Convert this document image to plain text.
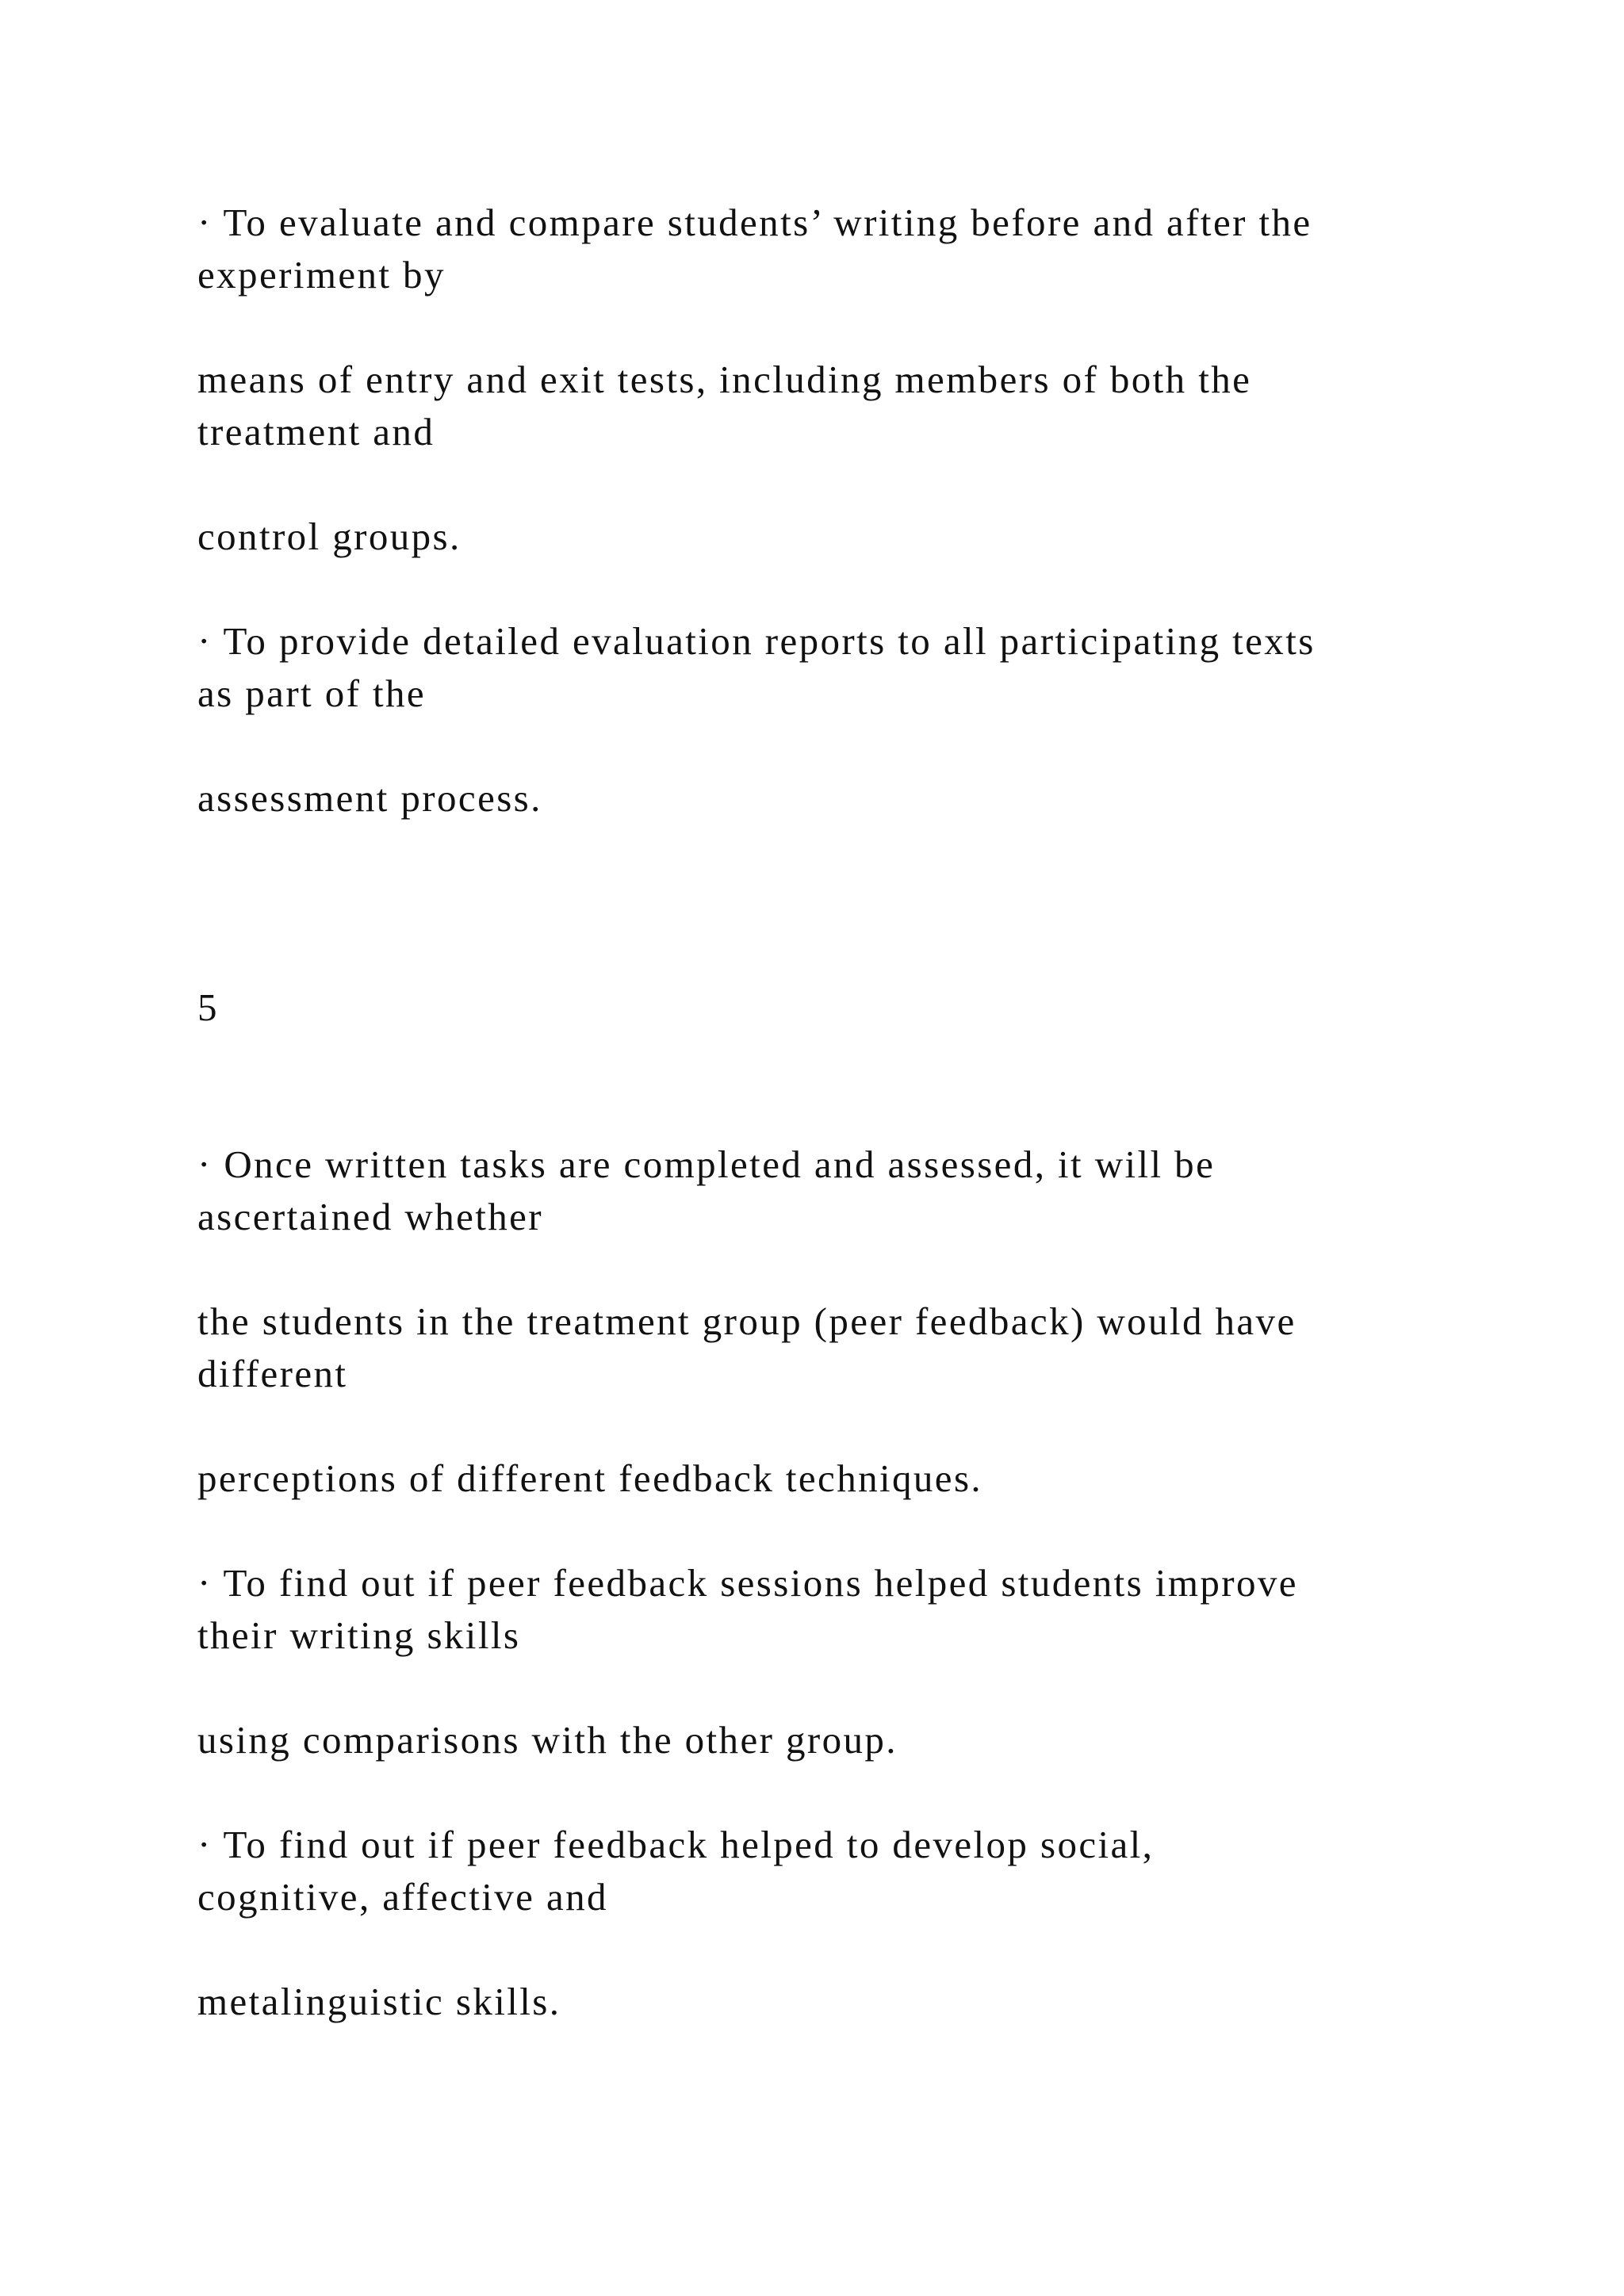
· To evaluate and compare students’ writing before and after the
experiment by

means of entry and exit tests, including members of both the
treatment and

control groups.

· To provide detailed evaluation reports to all participating texts
as part of the

assessment process.

5

· Once written tasks are completed and assessed, it will be
ascertained whether

the students in the treatment group (peer feedback) would have
different

perceptions of different feedback techniques.

· To find out if peer feedback sessions helped students improve
their writing skills

using comparisons with the other group.

· To find out if peer feedback helped to develop social,
cognitive, affective and

metalinguistic skills.
